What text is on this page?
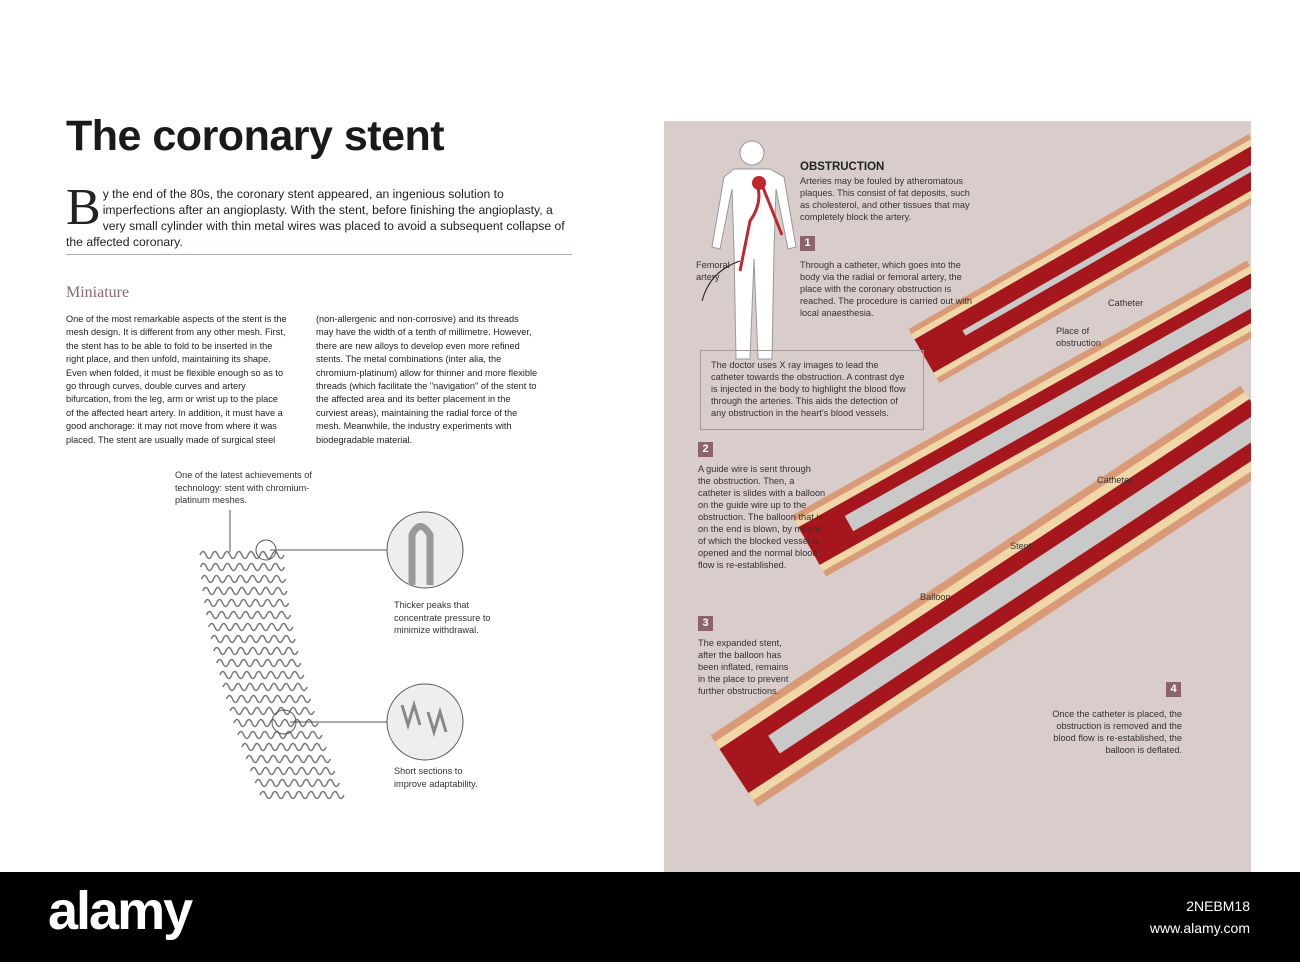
The coronary stent
By the end of the 80s, the coronary stent appeared, an ingenious solution to imperfections after an angioplasty. With the stent, before finishing the angioplasty, a very small cylinder with thin metal wires was placed to avoid a subsequent collapse of the affected coronary.
Miniature
One of the most remarkable aspects of the stent is the mesh design. It is different from any other mesh. First, the stent has to be able to fold to be inserted in the right place, and then unfold, maintaining its shape. Even when folded, it must be flexible enough so as to go through curves, double curves and artery bifurcation, from the leg, arm or wrist up to the place of the affected heart artery. In addition, it must have a good anchorage: it may not move from where it was placed. The stent are usually made of surgical steel
(non-allergenic and non-corrosive) and its threads may have the width of a tenth of millimetre. However, there are new alloys to develop even more refined stents. The metal combinations (inter alia, the chromium-platinum) allow for thinner and more flexible threads (which facilitate the "navigation" of the stent to the affected area and its better placement in the curviest areas), maintaining the radial force of the mesh. Meanwhile, the industry experiments with biodegradable material.
One of the latest achievements of technology: stent with chromium-platinum meshes.
Thicker peaks that concentrate pressure to minimize withdrawal.
Short sections to improve adaptability.
Femoral artery
OBSTRUCTION
Arteries may be fouled by atheromatous plaques. This consist of fat deposits, such as cholesterol, and other tissues that may completely block the artery.
1
Through a catheter, which goes into the body via the radial or femoral artery, the place with the coronary obstruction is reached. The procedure is carried out with local anaesthesia.
The doctor uses X ray images to lead the catheter towards the obstruction. A contrast dye is injected in the body to highlight the blood flow through the arteries. This aids the detection of any obstruction in the heart's blood vessels.
2
A guide wire is sent through the obstruction. Then, a catheter is slides with a balloon on the guide wire up to the obstruction. The balloon that is on the end is blown, by means of which the blocked vessel is opened and the normal blood flow is re-established.
3
The expanded stent, after the balloon has been inflated, remains in the place to prevent further obstructions.	4
Once the catheter is placed, the obstruction is removed and the blood flow is re-established, the balloon is deflated.
Catheter
Place of obstruction
Catheter
Stent
Balloon
alamy	2NEBM18
www.alamy.com
